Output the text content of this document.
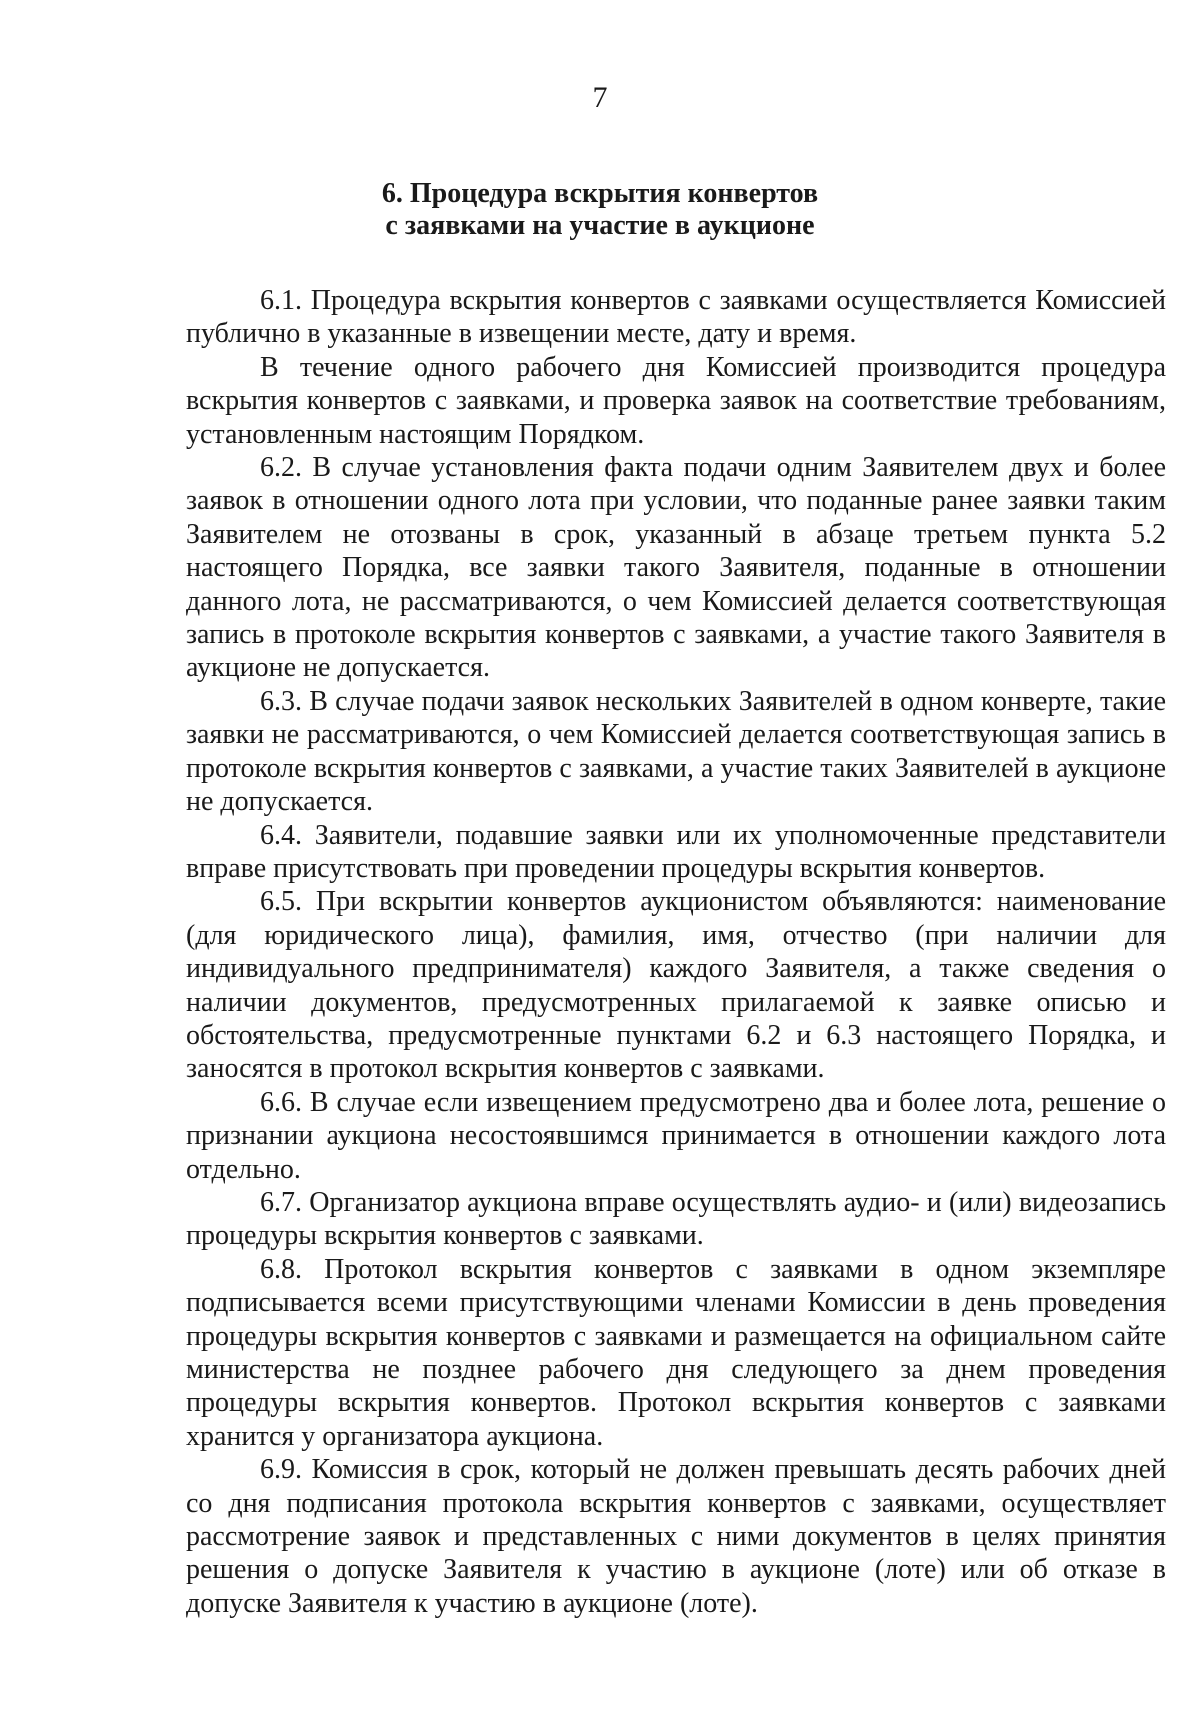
7
6. Процедура вскрытия конвертов
с заявками на участие в аукционе

6.1. Процедура вскрытия конвертов с заявками осуществляется Комиссией публично в указанные в извещении месте, дату и время.

В течение одного рабочего дня Комиссией производится процедура вскрытия конвертов с заявками, и проверка заявок на соответствие требованиям, установленным настоящим Порядком.

6.2. В случае установления факта подачи одним Заявителем двух и более заявок в отношении одного лота при условии, что поданные ранее заявки таким Заявителем не отозваны в срок, указанный в абзаце третьем пункта 5.2 настоящего Порядка, все заявки такого Заявителя, поданные в отношении данного лота, не рассматриваются, о чем Комиссией делается соответствующая запись в протоколе вскрытия конвертов с заявками, а участие такого Заявителя в аукционе не допускается.

6.3. В случае подачи заявок нескольких Заявителей в одном конверте, такие заявки не рассматриваются, о чем Комиссией делается соответствующая запись в протоколе вскрытия конвертов с заявками, а участие таких Заявителей в аукционе не допускается.

6.4. Заявители, подавшие заявки или их уполномоченные представители вправе присутствовать при проведении процедуры вскрытия конвертов.

6.5. При вскрытии конвертов аукционистом объявляются: наименование (для юридического лица), фамилия, имя, отчество (при наличии для индивидуального предпринимателя) каждого Заявителя, а также сведения о наличии документов, предусмотренных прилагаемой к заявке описью и обстоятельства, предусмотренные пунктами 6.2 и 6.3 настоящего Порядка, и заносятся в протокол вскрытия конвертов с заявками.

6.6. В случае если извещением предусмотрено два и более лота, решение о признании аукциона несостоявшимся принимается в отношении каждого лота отдельно.

6.7. Организатор аукциона вправе осуществлять аудио- и (или) видеозапись процедуры вскрытия конвертов с заявками.

6.8. Протокол вскрытия конвертов с заявками в одном экземпляре подписывается всеми присутствующими членами Комиссии в день проведения процедуры вскрытия конвертов с заявками и размещается на официальном сайте министерства не позднее рабочего дня следующего за днем проведения процедуры вскрытия конвертов. Протокол вскрытия конвертов с заявками хранится у организатора аукциона.

6.9. Комиссия в срок, который не должен превышать десять рабочих дней со дня подписания протокола вскрытия конвертов с заявками, осуществляет рассмотрение заявок и представленных с ними документов в целях принятия решения о допуске Заявителя к участию в аукционе (лоте) или об отказе в допуске Заявителя к участию в аукционе (лоте).
